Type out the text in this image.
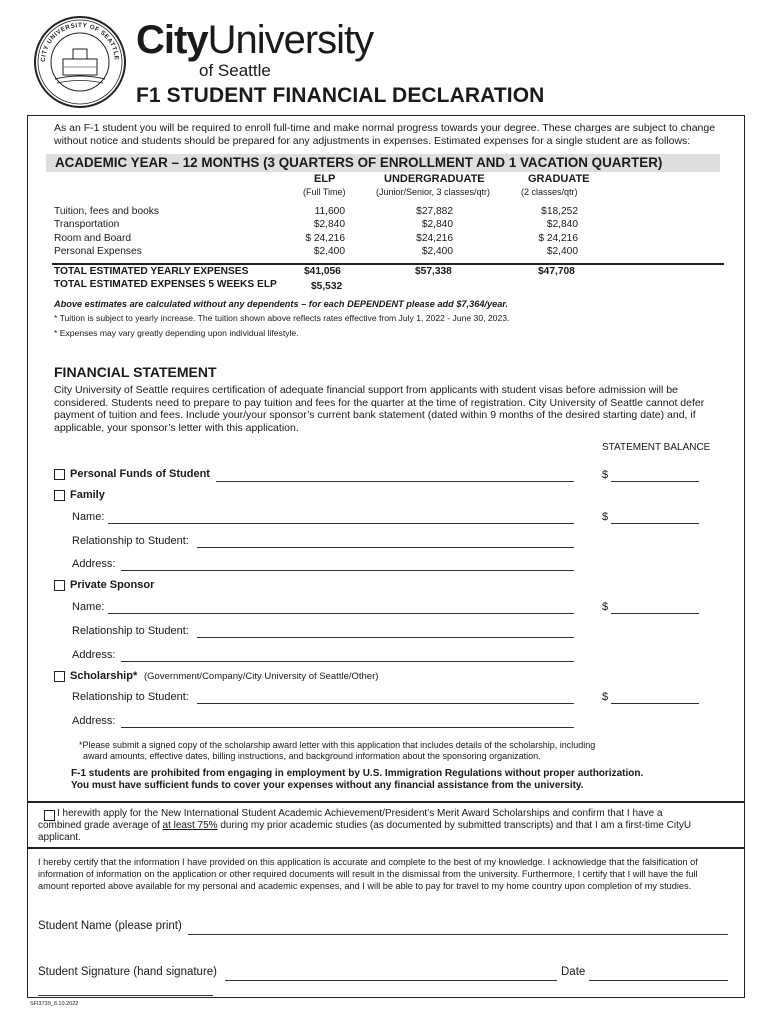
CITY UNIVERSITY OF SEATTLE CityUniversity
of Seattle
F1 STUDENT FINANCIAL DECLARATION
As an F-1 student you will be required to enroll full-time and make normal progress towards your degree. These charges are subject to change
without notice and students should be prepared for any adjustments in expenses. Estimated expenses for a single student are as follows:
ACADEMIC YEAR – 12 MONTHS (3 QUARTERS OF ENROLLMENT AND 1 VACATION QUARTER)
ELP
(Full Time)
UNDERGRADUATE
(Junior/Senior, 3 classes/qtr)
GRADUATE
(2 classes/qtr)
Tuition, fees and books	11,600	$27,882	$18,252
Transportation	$2,840	$2,840	$2,840
Room and Board	$ 24,216	$24,216	$ 24,216
Personal Expenses	$2,400	$2,400	$2,400
TOTAL ESTIMATED YEARLY EXPENSES	$41,056	$57,338	$47,708
TOTAL ESTIMATED EXPENSES 5 WEEKS ELP	$5,532
Above estimates are calculated without any dependents – for each DEPENDENT please add $7,364/year.
* Tuition is subject to yearly increase. The tuition shown above reflects rates effective from July 1, 2022 - June 30, 2023.
* Expenses may vary greatly depending upon individual lifestyle.
FINANCIAL STATEMENT
City University of Seattle requires certification of adequate financial support from applicants with student visas before admission will be
considered. Students need to prepare to pay tuition and fees for the quarter at the time of registration. City University of Seattle cannot defer
payment of tuition and fees. Include your/your sponsor’s current bank statement (dated within 9 months of the desired starting date) and, if
applicable, your sponsor’s letter with this application.
STATEMENT BALANCE
Personal Funds of Student	$
Family
Name:	$
Relationship to Student:
Address:
Private Sponsor
Name:	$
Relationship to Student:
Address:
Scholarship* (Government/Company/City University of Seattle/Other)
Relationship to Student:	$
Address:
*Please submit a signed copy of the scholarship award letter with this application that includes details of the scholarship, including
award amounts, effective dates, billing instructions, and background information about the sponsoring organization.
F-1 students are prohibited from engaging in employment by U.S. Immigration Regulations without proper authorization.
You must have sufficient funds to cover your expenses without any financial assistance from the university.
I herewith apply for the New International Student Academic Achievement/President’s Merit Award Scholarships and confirm that I have a
combined grade average of at least 75% during my prior academic studies (as documented by submitted transcripts) and that I am a first-time CityU
applicant.
I hereby certify that the information I have provided on this application is accurate and complete to the best of my knowledge. I acknowledge that the falsification of
information of information on the application or other required documents will result in the dismissal from the university. Furthermore, I certify that I will have the full
amount reported above available for my personal and academic expenses, and I will be able to pay for travel to my home country upon completion of my studies.
Student Name (please print)
Student Signature (hand signature)	Date
SFI3739_8.10.2022
